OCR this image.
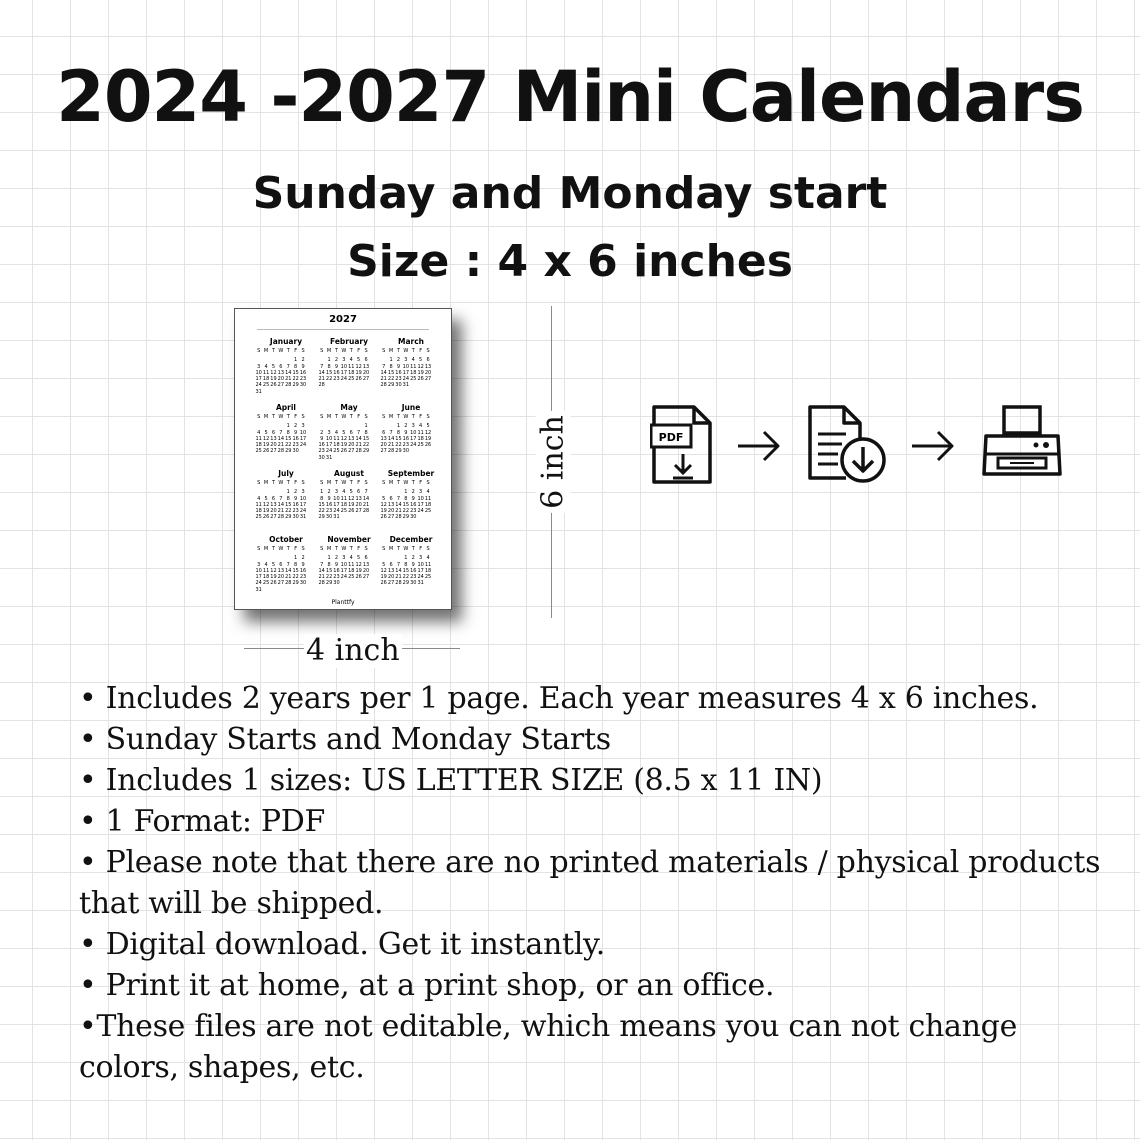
2024 -2027 Mini Calendars
Sunday and Monday start
Size : 4 x 6 inches
2027
Planttfy
January
S M T W T F S
1 2
3 4 5 6 7 8 9
10 11 12 13 14 15 16
17 18 19 20 21 22 23
24 25 26 27 28 29 30
31
February
S M T W T F S
1 2 3 4 5 6
7 8 9 10 11 12 13
14 15 16 17 18 19 20
21 22 23 24 25 26 27
28
March
S M T W T F S
1 2 3 4 5 6
7 8 9 10 11 12 13
14 15 16 17 18 19 20
21 22 23 24 25 26 27
28 29 30 31
April
S M T W T F S
1 2 3
4 5 6 7 8 9 10
11 12 13 14 15 16 17
18 19 20 21 22 23 24
25 26 27 28 29 30
May
S M T W T F S
1
2 3 4 5 6 7 8
9 10 11 12 13 14 15
16 17 18 19 20 21 22
23 24 25 26 27 28 29
30 31
June
S M T W T F S
1 2 3 4 5
6 7 8 9 10 11 12
13 14 15 16 17 18 19
20 21 22 23 24 25 26
27 28 29 30
July
S M T W T F S
1 2 3
4 5 6 7 8 9 10
11 12 13 14 15 16 17
18 19 20 21 22 23 24
25 26 27 28 29 30 31
August
S M T W T F S
1 2 3 4 5 6 7
8 9 10 11 12 13 14
15 16 17 18 19 20 21
22 23 24 25 26 27 28
29 30 31
September
S M T W T F S
1 2 3 4
5 6 7 8 9 10 11
12 13 14 15 16 17 18
19 20 21 22 23 24 25
26 27 28 29 30
October
S M T W T F S
1 2
3 4 5 6 7 8 9
10 11 12 13 14 15 16
17 18 19 20 21 22 23
24 25 26 27 28 29 30
31
November
S M T W T F S
1 2 3 4 5 6
7 8 9 10 11 12 13
14 15 16 17 18 19 20
21 22 23 24 25 26 27
28 29 30
December
S M T W T F S
1 2 3 4
5 6 7 8 9 10 11
12 13 14 15 16 17 18
19 20 21 22 23 24 25
26 27 28 29 30 31
6 inch
4 inch
PDF
• Includes 2 years per 1 page. Each year measures 4 x 6 inches.
• Sunday Starts and Monday Starts
• Includes 1 sizes: US LETTER SIZE (8.5 x 11 IN)
• 1 Format: PDF
• Please note that there are no printed materials / physical products
that will be shipped.
• Digital download. Get it instantly.
• Print it at home, at a print shop, or an office.
•These files are not editable, which means you can not change
colors, shapes, etc.
